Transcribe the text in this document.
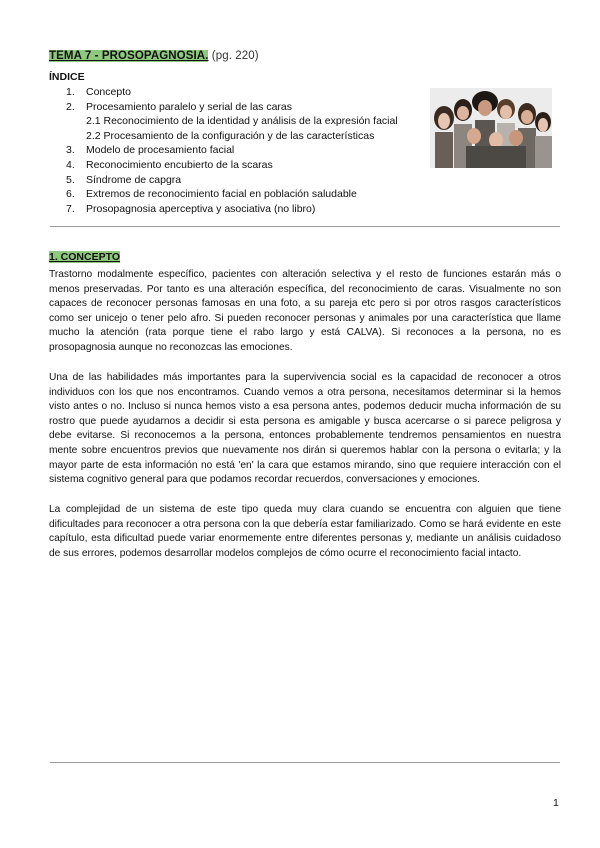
TEMA 7 - PROSOPAGNOSIA. (pg. 220)
ÍNDICE
1. Concepto
2. Procesamiento paralelo y serial de las caras
2.1 Reconocimiento de la identidad y análisis de la expresión facial
2.2 Procesamiento de la configuración y de las características
3. Modelo de procesamiento facial
4. Reconocimiento encubierto de la scaras
5. Síndrome de capgra
6. Extremos de reconocimiento facial en población saludable
7. Prosopagnosia aperceptiva y asociativa (no libro)
1. CONCEPTO

Trastorno modalmente específico, pacientes con alteración selectiva y el resto de funciones estarán más o menos preservadas. Por tanto es una alteración específica, del reconocimiento de caras. Visualmente no son capaces de reconocer personas famosas en una foto, a su pareja etc pero si por otros rasgos característicos como ser unicejo o tener pelo afro. Si pueden reconocer personas y animales por una característica que llame mucho la atención (rata porque tiene el rabo largo y está CALVA). Si reconoces a la persona, no es prosopagnosia aunque no reconozcas las emociones.

Una de las habilidades más importantes para la supervivencia social es la capacidad de reconocer a otros individuos con los que nos encontramos. Cuando vemos a otra persona, necesitamos determinar si la hemos visto antes o no. Incluso si nunca hemos visto a esa persona antes, podemos deducir mucha información de su rostro que puede ayudarnos a decidir si esta persona es amigable y busca acercarse o si parece peligrosa y debe evitarse. Si reconocemos a la persona, entonces probablemente tendremos pensamientos en nuestra mente sobre encuentros previos que nuevamente nos dirán si queremos hablar con la persona o evitarla; y la mayor parte de esta información no está 'en' la cara que estamos mirando, sino que requiere interacción con el sistema cognitivo general para que podamos recordar recuerdos, conversaciones y emociones.

La complejidad de un sistema de este tipo queda muy clara cuando se encuentra con alguien que tiene dificultades para reconocer a otra persona con la que debería estar familiarizado. Como se hará evidente en este capítulo, esta dificultad puede variar enormemente entre diferentes personas y, mediante un análisis cuidadoso de sus errores, podemos desarrollar modelos complejos de cómo ocurre el reconocimiento facial intacto.

1
